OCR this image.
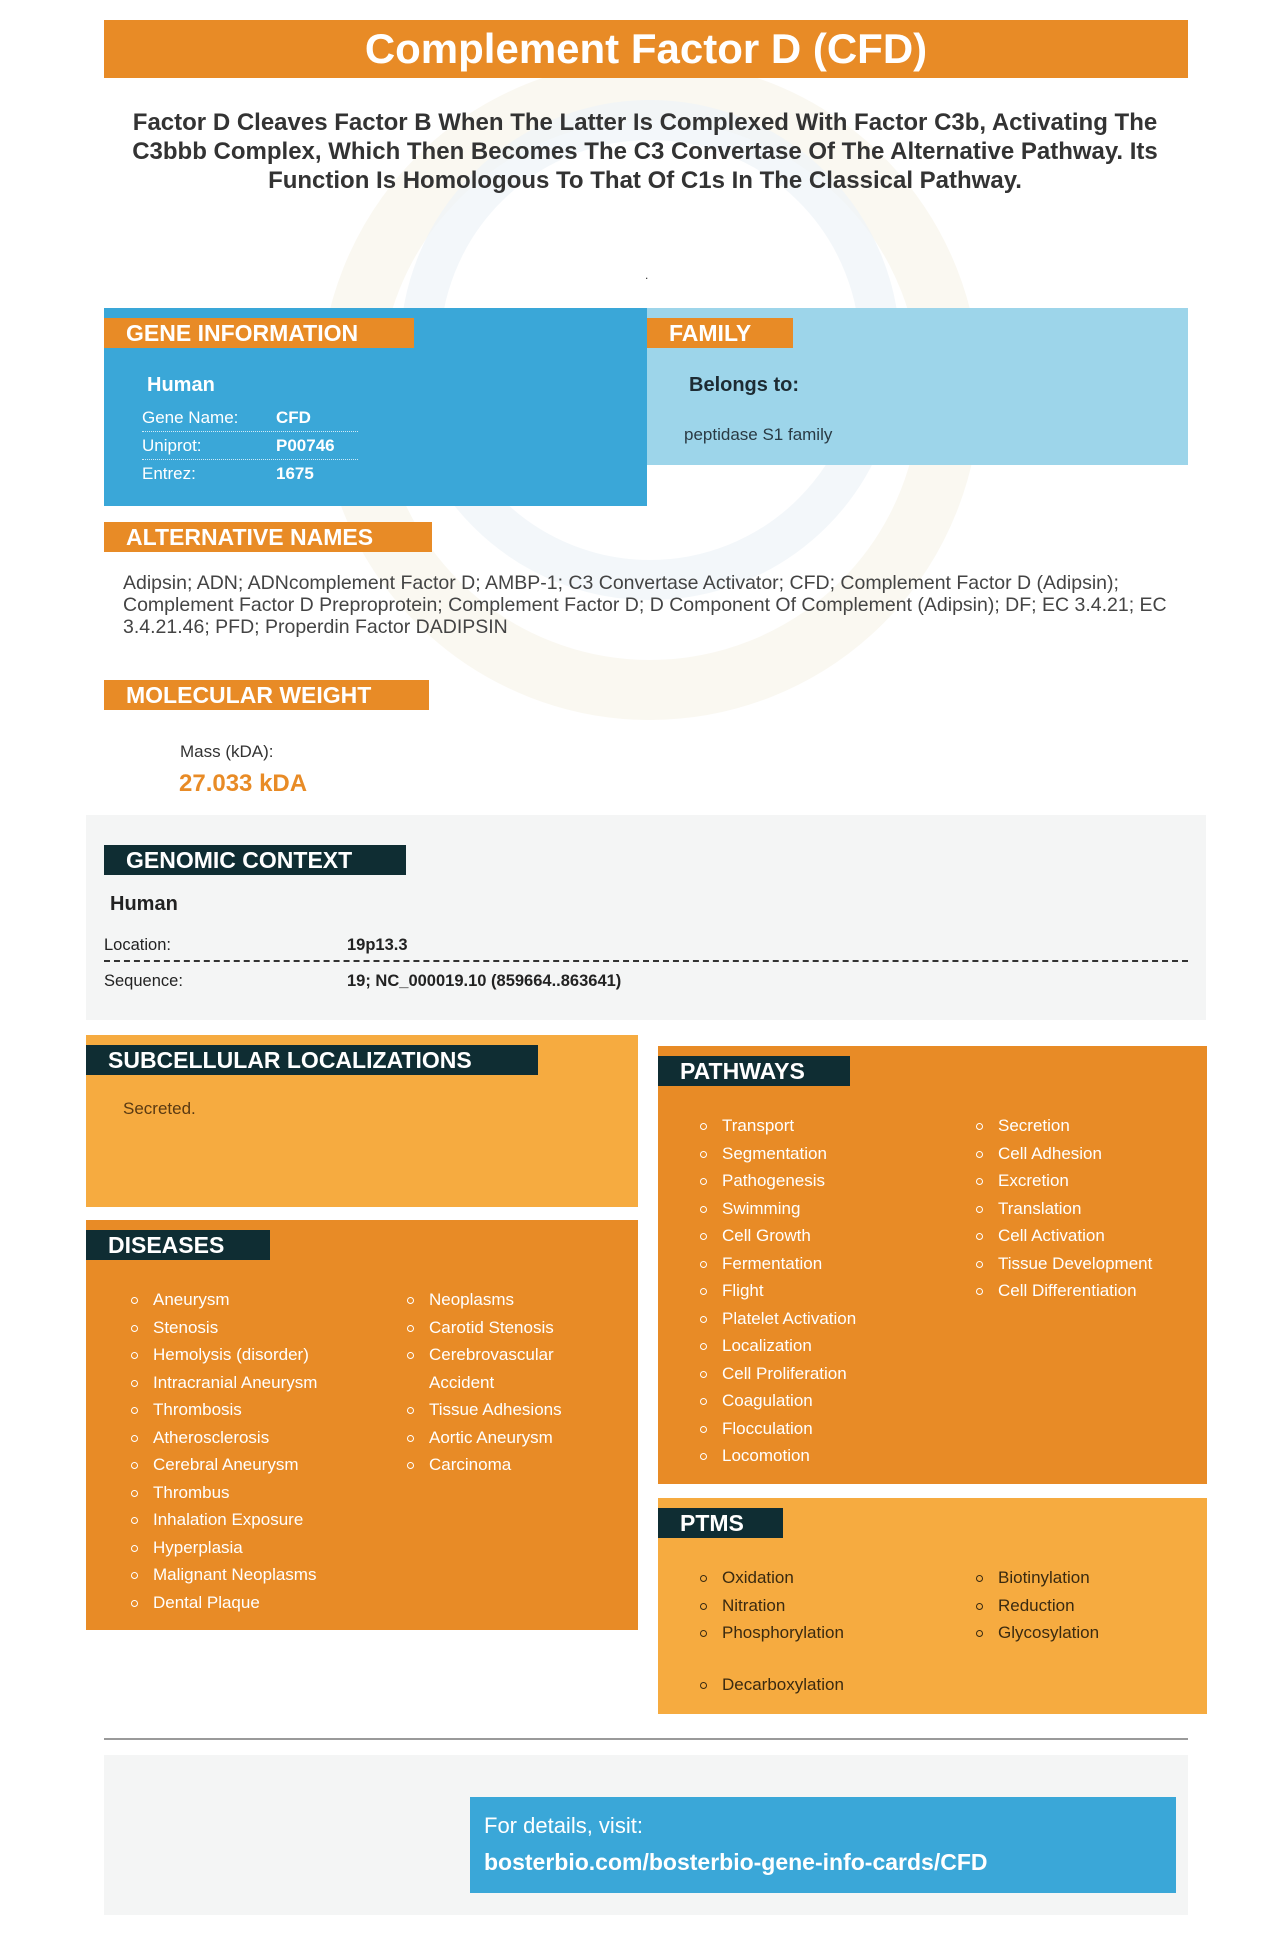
Complement Factor D (CFD)
Factor D Cleaves Factor B When The Latter Is Complexed With Factor C3b, Activating The C3bbb Complex, Which Then Becomes The C3 Convertase Of The Alternative Pathway. Its Function Is Homologous To That Of C1s In The Classical Pathway.
.
GENE INFORMATION
Human
Gene Name: CFD
Uniprot:	P00746
Entrez:	1675
FAMILY
Belongs to:
peptidase S1 family
ALTERNATIVE NAMES
Adipsin; ADN; ADNcomplement Factor D; AMBP-1; C3 Convertase Activator; CFD; Complement Factor D (Adipsin); Complement Factor D Preproprotein; Complement Factor D; D Component Of Complement (Adipsin); DF; EC 3.4.21; EC 3.4.21.46; PFD; Properdin Factor DADIPSIN
MOLECULAR WEIGHT
Mass (kDA):
27.033 kDA
GENOMIC CONTEXT
Human
Location:	19p13.3
Sequence:	19; NC_000019.10 (859664..863641)
SUBCELLULAR LOCALIZATIONS
Secreted.
DISEASES
Aneurysm
Stenosis
Hemolysis (disorder)
Intracranial Aneurysm
Thrombosis
Atherosclerosis
Cerebral Aneurysm
Thrombus
Inhalation Exposure
Hyperplasia
Malignant Neoplasms
Dental Plaque
Neoplasms
Carotid Stenosis
Cerebrovascular Accident
Tissue Adhesions
Aortic Aneurysm
Carcinoma
PATHWAYS
Transport
Segmentation
Pathogenesis
Swimming
Cell Growth
Fermentation
Flight
Platelet Activation
Localization
Cell Proliferation
Coagulation
Flocculation
Locomotion
Secretion
Cell Adhesion
Excretion
Translation
Cell Activation
Tissue Development
Cell Differentiation
PTMS
Oxidation
Nitration
Phosphorylation
Biotinylation
Reduction
Glycosylation
Decarboxylation
For details, visit:
bosterbio.com/bosterbio-gene-info-cards/CFD
